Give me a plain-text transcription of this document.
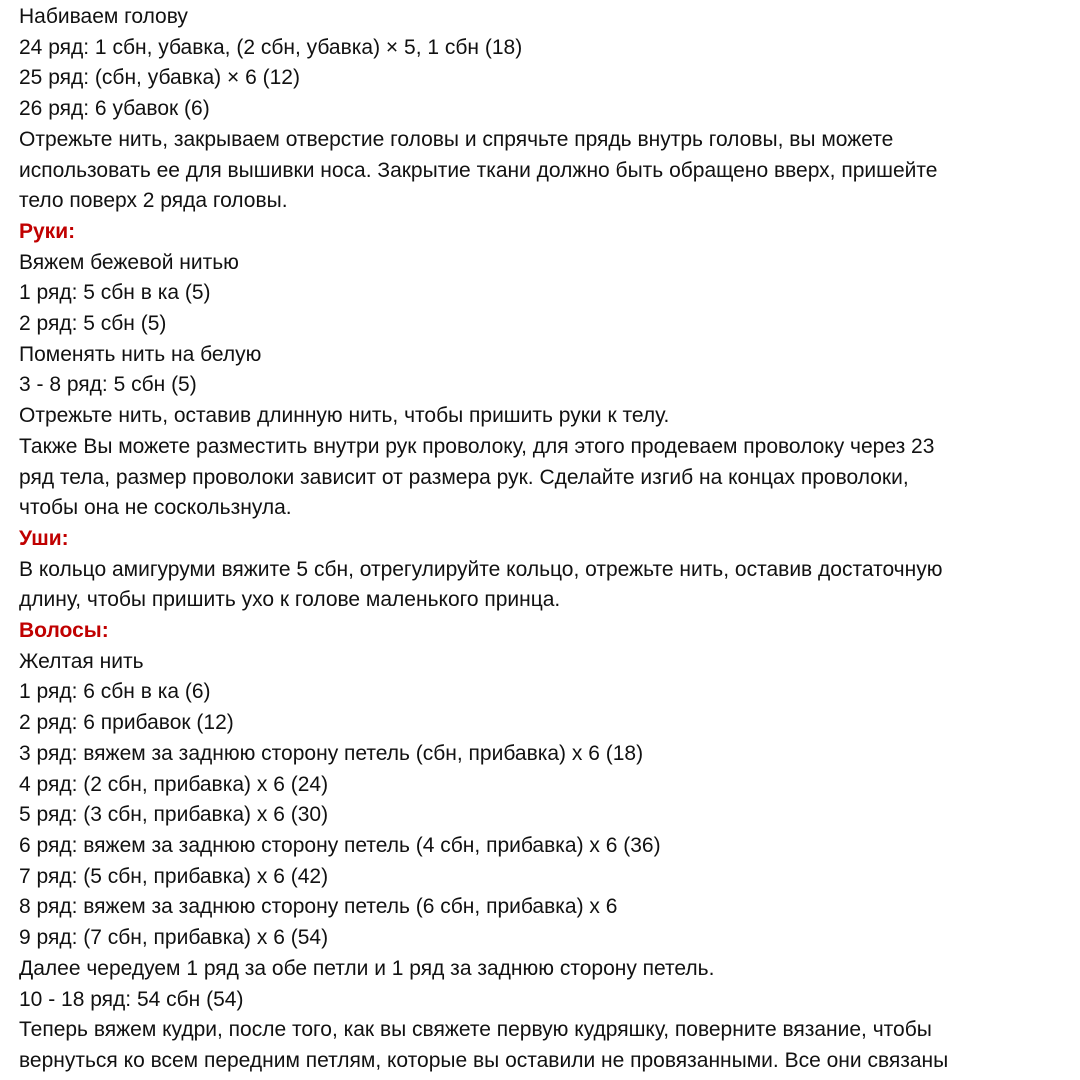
Набиваем голову
24 ряд: 1 сбн, убавка, (2 сбн, убавка) × 5, 1 сбн (18)
25 ряд: (сбн, убавка) × 6 (12)
26 ряд: 6 убавок (6)
Отрежьте нить, закрываем отверстие головы и спрячьте прядь внутрь головы, вы можете
использовать ее для вышивки носа. Закрытие ткани должно быть обращено вверх, пришейте
тело поверх 2 ряда головы.
Руки:
Вяжем бежевой нитью
1 ряд: 5 сбн в ка (5)
2 ряд: 5 сбн (5)
Поменять нить на белую
3 - 8 ряд: 5 сбн (5)
Отрежьте нить, оставив длинную нить, чтобы пришить руки к телу.
Также Вы можете разместить внутри рук проволоку, для этого продеваем проволоку через 23
ряд тела, размер проволоки зависит от размера рук. Сделайте изгиб на концах проволоки,
чтобы она не соскользнула.
Уши:
В кольцо амигуруми вяжите 5 сбн, отрегулируйте кольцо, отрежьте нить, оставив достаточную
длину, чтобы пришить ухо к голове маленького принца.
Волосы:
Желтая нить
1 ряд: 6 сбн в ка (6)
2 ряд: 6 прибавок (12)
3 ряд: вяжем за заднюю сторону петель (сбн, прибавка) х 6 (18)
4 ряд: (2 сбн, прибавка) х 6 (24)
5 ряд: (3 сбн, прибавка) х 6 (30)
6 ряд: вяжем за заднюю сторону петель (4 сбн, прибавка) х 6 (36)
7 ряд: (5 сбн, прибавка) х 6 (42)
8 ряд: вяжем за заднюю сторону петель (6 сбн, прибавка) х 6
9 ряд: (7 сбн, прибавка) х 6 (54)
Далее чередуем 1 ряд за обе петли и 1 ряд за заднюю сторону петель.
10 - 18 ряд: 54 сбн (54)
Теперь вяжем кудри, после того, как вы свяжете первую кудряшку, поверните вязание, чтобы
вернуться ко всем передним петлям, которые вы оставили не провязанными. Все они связаны
